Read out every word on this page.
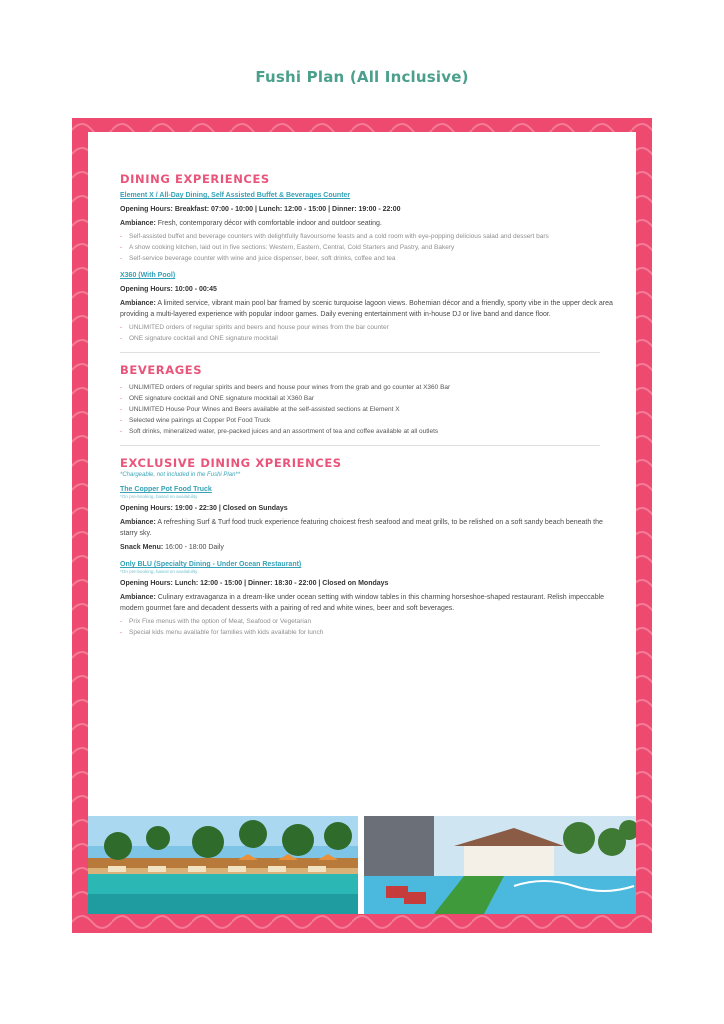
Fushi Plan (All Inclusive)
DINING EXPERIENCES
Element X / All-Day Dining, Self Assisted Buffet & Beverages Counter
Opening Hours: Breakfast: 07:00 - 10:00 | Lunch: 12:00 - 15:00 | Dinner: 19:00 - 22:00
Ambiance: Fresh, contemporary décor with comfortable indoor and outdoor seating.
- Self-assisted buffet and beverage counters with delightfully flavoursome feasts and a cold room with eye-popping delicious salad and dessert bars
- A show cooking kitchen, laid out in five sections: Western, Eastern, Central, Cold Starters and Pastry, and Bakery
- Self-service beverage counter with wine and juice dispenser, beer, soft drinks, coffee and tea
X360 (With Pool)
Opening Hours: 10:00 - 00:45
Ambiance: A limited service, vibrant main pool bar framed by scenic turquoise lagoon views. Bohemian décor and a friendly, sporty vibe in the upper deck area providing a multi-layered experience with popular indoor games. Daily evening entertainment with in-house DJ or live band and dance floor.
- UNLIMITED orders of regular spirits and beers and house pour wines from the bar counter
- ONE signature cocktail and ONE signature mocktail
BEVERAGES
- UNLIMITED orders of regular spirits and beers and house pour wines from the grab and go counter at X360 Bar
- ONE signature cocktail and ONE signature mocktail at X360 Bar
- UNLIMITED House Pour Wines and Beers available at the self-assisted sections at Element X
- Selected wine pairings at Copper Pot Food Truck
- Soft drinks, mineralized water, pre-packed juices and an assortment of tea and coffee available at all outlets
EXCLUSIVE DINING XPERIENCES
*Chargeable, not included in the Fushi Plan**
The Copper Pot Food Truck
*On pre-booking, based on availability
Opening Hours: 19:00 - 22:30 | Closed on Sundays
Ambiance: A refreshing Surf & Turf food truck experience featuring choicest fresh seafood and meat grills, to be relished on a soft sandy beach beneath the starry sky.
Snack Menu: 16:00 - 18:00 Daily
Only BLU (Specialty Dining - Under Ocean Restaurant)
*On pre-booking, based on availability
Opening Hours: Lunch: 12:00 - 15:00 | Dinner: 18:30 - 22:00 | Closed on Mondays
Ambiance: Culinary extravaganza in a dream-like under ocean setting with window tables in this charming horseshoe-shaped restaurant. Relish impeccable modern gourmet fare and decadent desserts with a pairing of red and white wines, beer and soft beverages.
- Prix Fixe menus with the option of Meat, Seafood or Vegetarian
- Special kids menu available for families with kids available for lunch
